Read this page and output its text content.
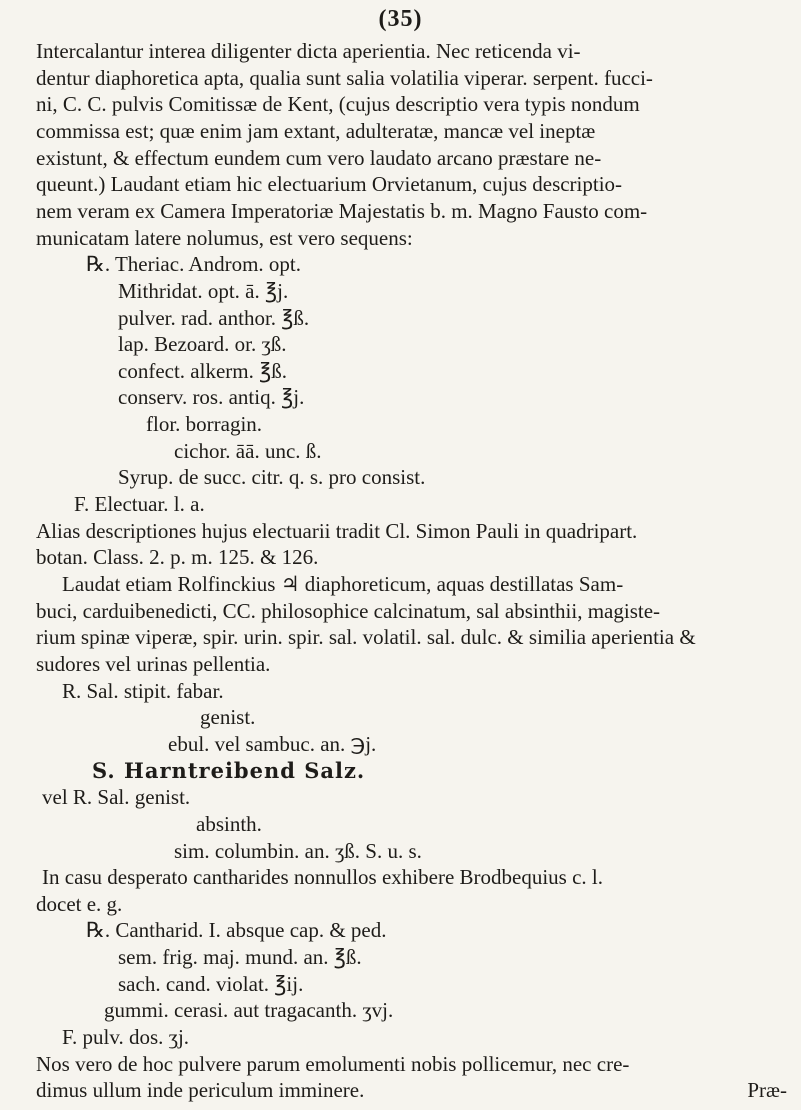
(35)
Intercalantur interea diligenter dicta aperientia. Nec reticenda vi-
dentur diaphoretica apta, qualia sunt salia volatilia viperar. serpent. fucci-
ni, C. C. pulvis Comitissæ de Kent, (cujus descriptio vera typis nondum
commissa est; quæ enim jam extant, adulteratæ, mancæ vel ineptæ
existunt, & effectum eundem cum vero laudato arcano præstare ne-
queunt.) Laudant etiam hic electuarium Orvietanum, cujus descriptio-
nem veram ex Camera Imperatoriæ Majestatis b. m. Magno Fausto com-
municatam latere nolumus, est vero sequens:
℞. Theriac. Androm. opt.
Mithridat. opt. ā. ℥j.
pulver. rad. anthor. ℥ß.
lap. Bezoard. or. ʒß.
confect. alkerm. ℥ß.
conserv. ros. antiq. ℥j.
flor. borragin.
cichor. āā. unc. ß.
Syrup. de succ. citr. q. s. pro consist.
F. Electuar. l. a.
Alias descriptiones hujus electuarii tradit Cl. Simon Pauli in quadripart.
botan. Class. 2. p. m. 125. & 126.
Laudat etiam Rolfinckius ♃ diaphoreticum, aquas destillatas Sam-
buci, carduibenedicti, CC. philosophice calcinatum, sal absinthii, magiste-
rium spinæ viperæ, spir. urin. spir. sal. volatil. sal. dulc. & similia aperientia &
sudores vel urinas pellentia.
R. Sal. stipit. fabar.
genist.
ebul. vel sambuc. an. ℈j.
S. Harntreibend Salz.
vel R. Sal. genist.
absinth.
sim. columbin. an. ʒß. S. u. s.
In casu desperato cantharides nonnullos exhibere Brodbequius c. l.
docet e. g.
℞. Cantharid. I. absque cap. & ped.
sem. frig. maj. mund. an. ℥ß.
sach. cand. violat. ℥ij.
gummi. cerasi. aut tragacanth. ʒvj.
F. pulv. dos. ʒj.
Nos vero de hoc pulvere parum emolumenti nobis pollicemur, nec cre-
dimus ullum inde periculum imminere.	Præ-
